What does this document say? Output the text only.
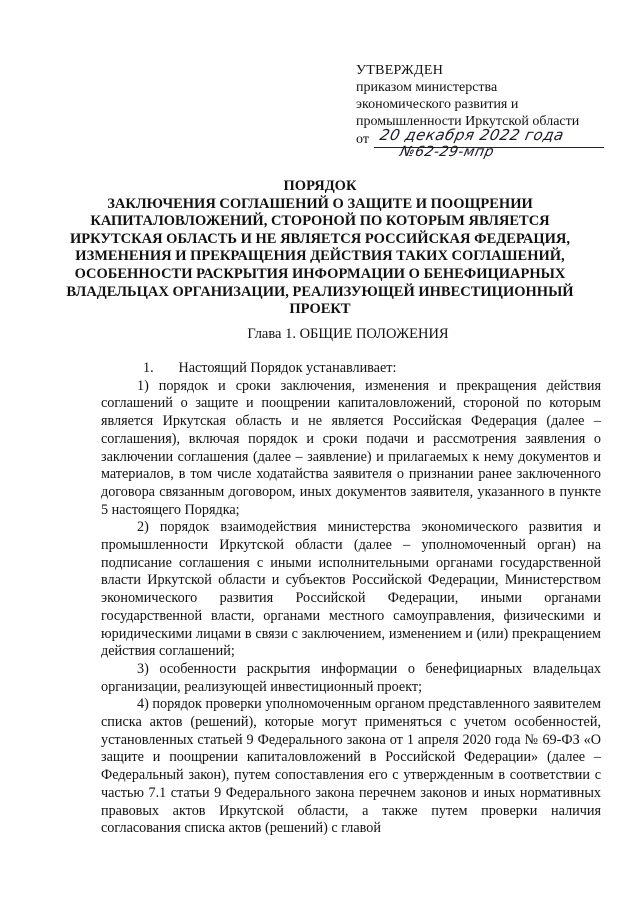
УТВЕРЖДЕН
приказом министерства
экономического развития и
промышленности Иркутской области
от 20 декабря 2022 года
№62-29-мпр
ПОРЯДОК
ЗАКЛЮЧЕНИЯ СОГЛАШЕНИЙ О ЗАЩИТЕ И ПООЩРЕНИИ КАПИТАЛОВЛОЖЕНИЙ, СТОРОНОЙ ПО КОТОРЫМ ЯВЛЯЕТСЯ ИРКУТСКАЯ ОБЛАСТЬ И НЕ ЯВЛЯЕТСЯ РОССИЙСКАЯ ФЕДЕРАЦИЯ, ИЗМЕНЕНИЯ И ПРЕКРАЩЕНИЯ ДЕЙСТВИЯ ТАКИХ СОГЛАШЕНИЙ, ОСОБЕННОСТИ РАСКРЫТИЯ ИНФОРМАЦИИ О БЕНЕФИЦИАРНЫХ ВЛАДЕЛЬЦАХ ОРГАНИЗАЦИИ, РЕАЛИЗУЮЩЕЙ ИНВЕСТИЦИОННЫЙ ПРОЕКТ
Глава 1. ОБЩИЕ ПОЛОЖЕНИЯ

1.       Настоящий Порядок устанавливает:

1) порядок и сроки заключения, изменения и прекращения действия соглашений о защите и поощрении капиталовложений, стороной по которым является Иркутская область и не является Российская Федерация (далее – соглашения), включая порядок и сроки подачи и рассмотрения заявления о заключении соглашения (далее – заявление) и прилагаемых к нему документов и материалов, в том числе ходатайства заявителя о признании ранее заключенного договора связанным договором, иных документов заявителя, указанного в пункте 5 настоящего Порядка;

2) порядок взаимодействия министерства экономического развития и промышленности Иркутской области (далее – уполномоченный орган) на подписание соглашения с иными исполнительными органами государственной власти Иркутской области и субъектов Российской Федерации, Министерством экономического развития Российской Федерации, иными органами государственной власти, органами местного самоуправления, физическими и юридическими лицами в связи с заключением, изменением и (или) прекращением действия соглашений;

3) особенности раскрытия информации о бенефициарных владельцах организации, реализующей инвестиционный проект;

4) порядок проверки уполномоченным органом представленного заявителем списка актов (решений), которые могут применяться с учетом особенностей, установленных статьей 9 Федерального закона от 1 апреля 2020 года № 69-ФЗ «О защите и поощрении капиталовложений в Российской Федерации» (далее – Федеральный закон), путем сопоставления его с утвержденным в соответствии с частью 7.1 статьи 9 Федерального закона перечнем законов и иных нормативных правовых актов Иркутской области, а также путем проверки наличия согласования списка актов (решений) с главой
